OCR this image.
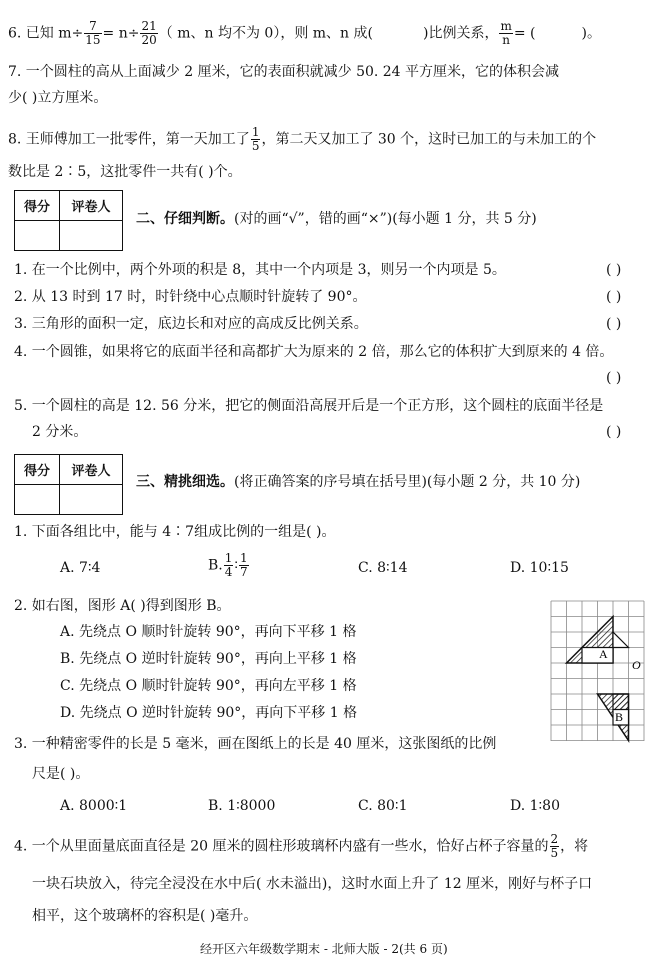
6. 已知 $m\div \frac{7}{15} = n\div \frac{21}{20}$ （ m、n 均不为 0），则 m、n 成(	)比例关系， $\frac{m}{n}$ = (	)。
7. 一个圆柱的高从上面减少 2 厘米，它的表面积就减少 50. 24 平方厘米，它的体积会减
少( )立方厘米。
8. 王师傅加工一批零件，第一天加工了 $\frac{1}{5}$ ，第二天又加工了 30 个，这时已加工的与未加工的个
数比是 2∶5，这批零件一共有( )个。
得分	评卷人

二、仔细判断。(对的画“√”，错的画“×”)(每小题 1 分，共 5 分)
1. 在一个比例中，两个外项的积是 8，其中一个内项是 3，则另一个内项是 5。	( )
2. 从 13 时到 17 时，时针绕中心点顺时针旋转了 90°。	( )
3. 三角形的面积一定，底边长和对应的高成反比例关系。	( )
4. 一个圆锥，如果将它的底面半径和高都扩大为原来的 2 倍，那么它的体积扩大到原来的 4 倍。
( )
5. 一个圆柱的高是 12. 56 分米，把它的侧面沿高展开后是一个正方形，这个圆柱的底面半径是
2 分米。	( )
得分	评卷人

三、精挑细选。(将正确答案的序号填在括号里)(每小题 2 分，共 10 分)
1. 下面各组比中，能与 4∶7组成比例的一组是( )。
A. 7∶4	B. $\frac{1}{4}$ ∶ $\frac{1}{7}$	C. 8∶14	D. 10∶15
2. 如右图，图形 A( )得到图形 B。
A. 先绕点 O 顺时针旋转 90°，再向下平移 1 格
B. 先绕点 O 逆时针旋转 90°，再向上平移 1 格
C. 先绕点 O 顺时针旋转 90°，再向左平移 1 格
D. 先绕点 O 逆时针旋转 90°，再向下平移 1 格
A
B
O
3. 一种精密零件的长是 5 毫米，画在图纸上的长是 40 厘米，这张图纸的比例
尺是( )。
A. 8000∶1	B. 1∶8000	C. 80∶1	D. 1∶80
4. 一个从里面量底面直径是 20 厘米的圆柱形玻璃杯内盛有一些水，恰好占杯子容量的 $\frac{2}{5}$ ，将
一块石块放入，待完全浸没在水中后( 水未溢出)，这时水面上升了 12 厘米，刚好与杯子口
相平，这个玻璃杯的容积是( )毫升。
经开区六年级数学期末 - 北师大版 - 2(共 6 页)
